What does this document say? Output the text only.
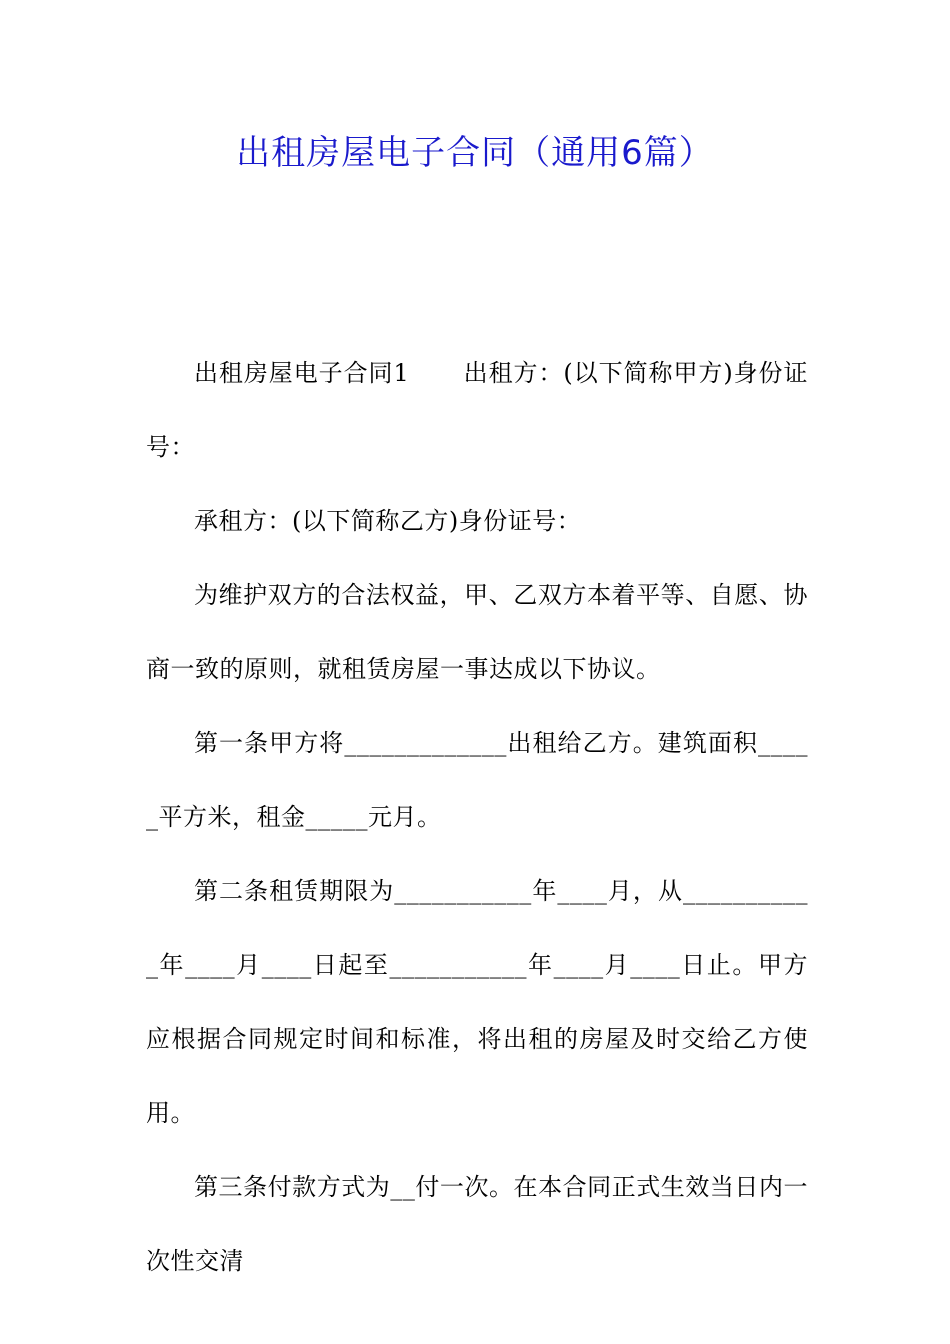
出租房屋电子合同（通用6篇）

出租房屋电子合同1 出租方：(以下简称甲方)身份证号：

承租方：(以下简称乙方)身份证号：

为维护双方的合法权益，甲、乙双方本着平等、自愿、协商一致的原则，就租赁房屋一事达成以下协议。

第一条甲方将_____________出租给乙方。建筑面积_____平方米，租金_____元月。

第二条租赁期限为___________年____月，从___________年____月____日起至___________年____月____日止。甲方应根据合同规定时间和标准，将出租的房屋及时交给乙方使用。

第三条付款方式为__付一次。在本合同正式生效当日内一次性交清
